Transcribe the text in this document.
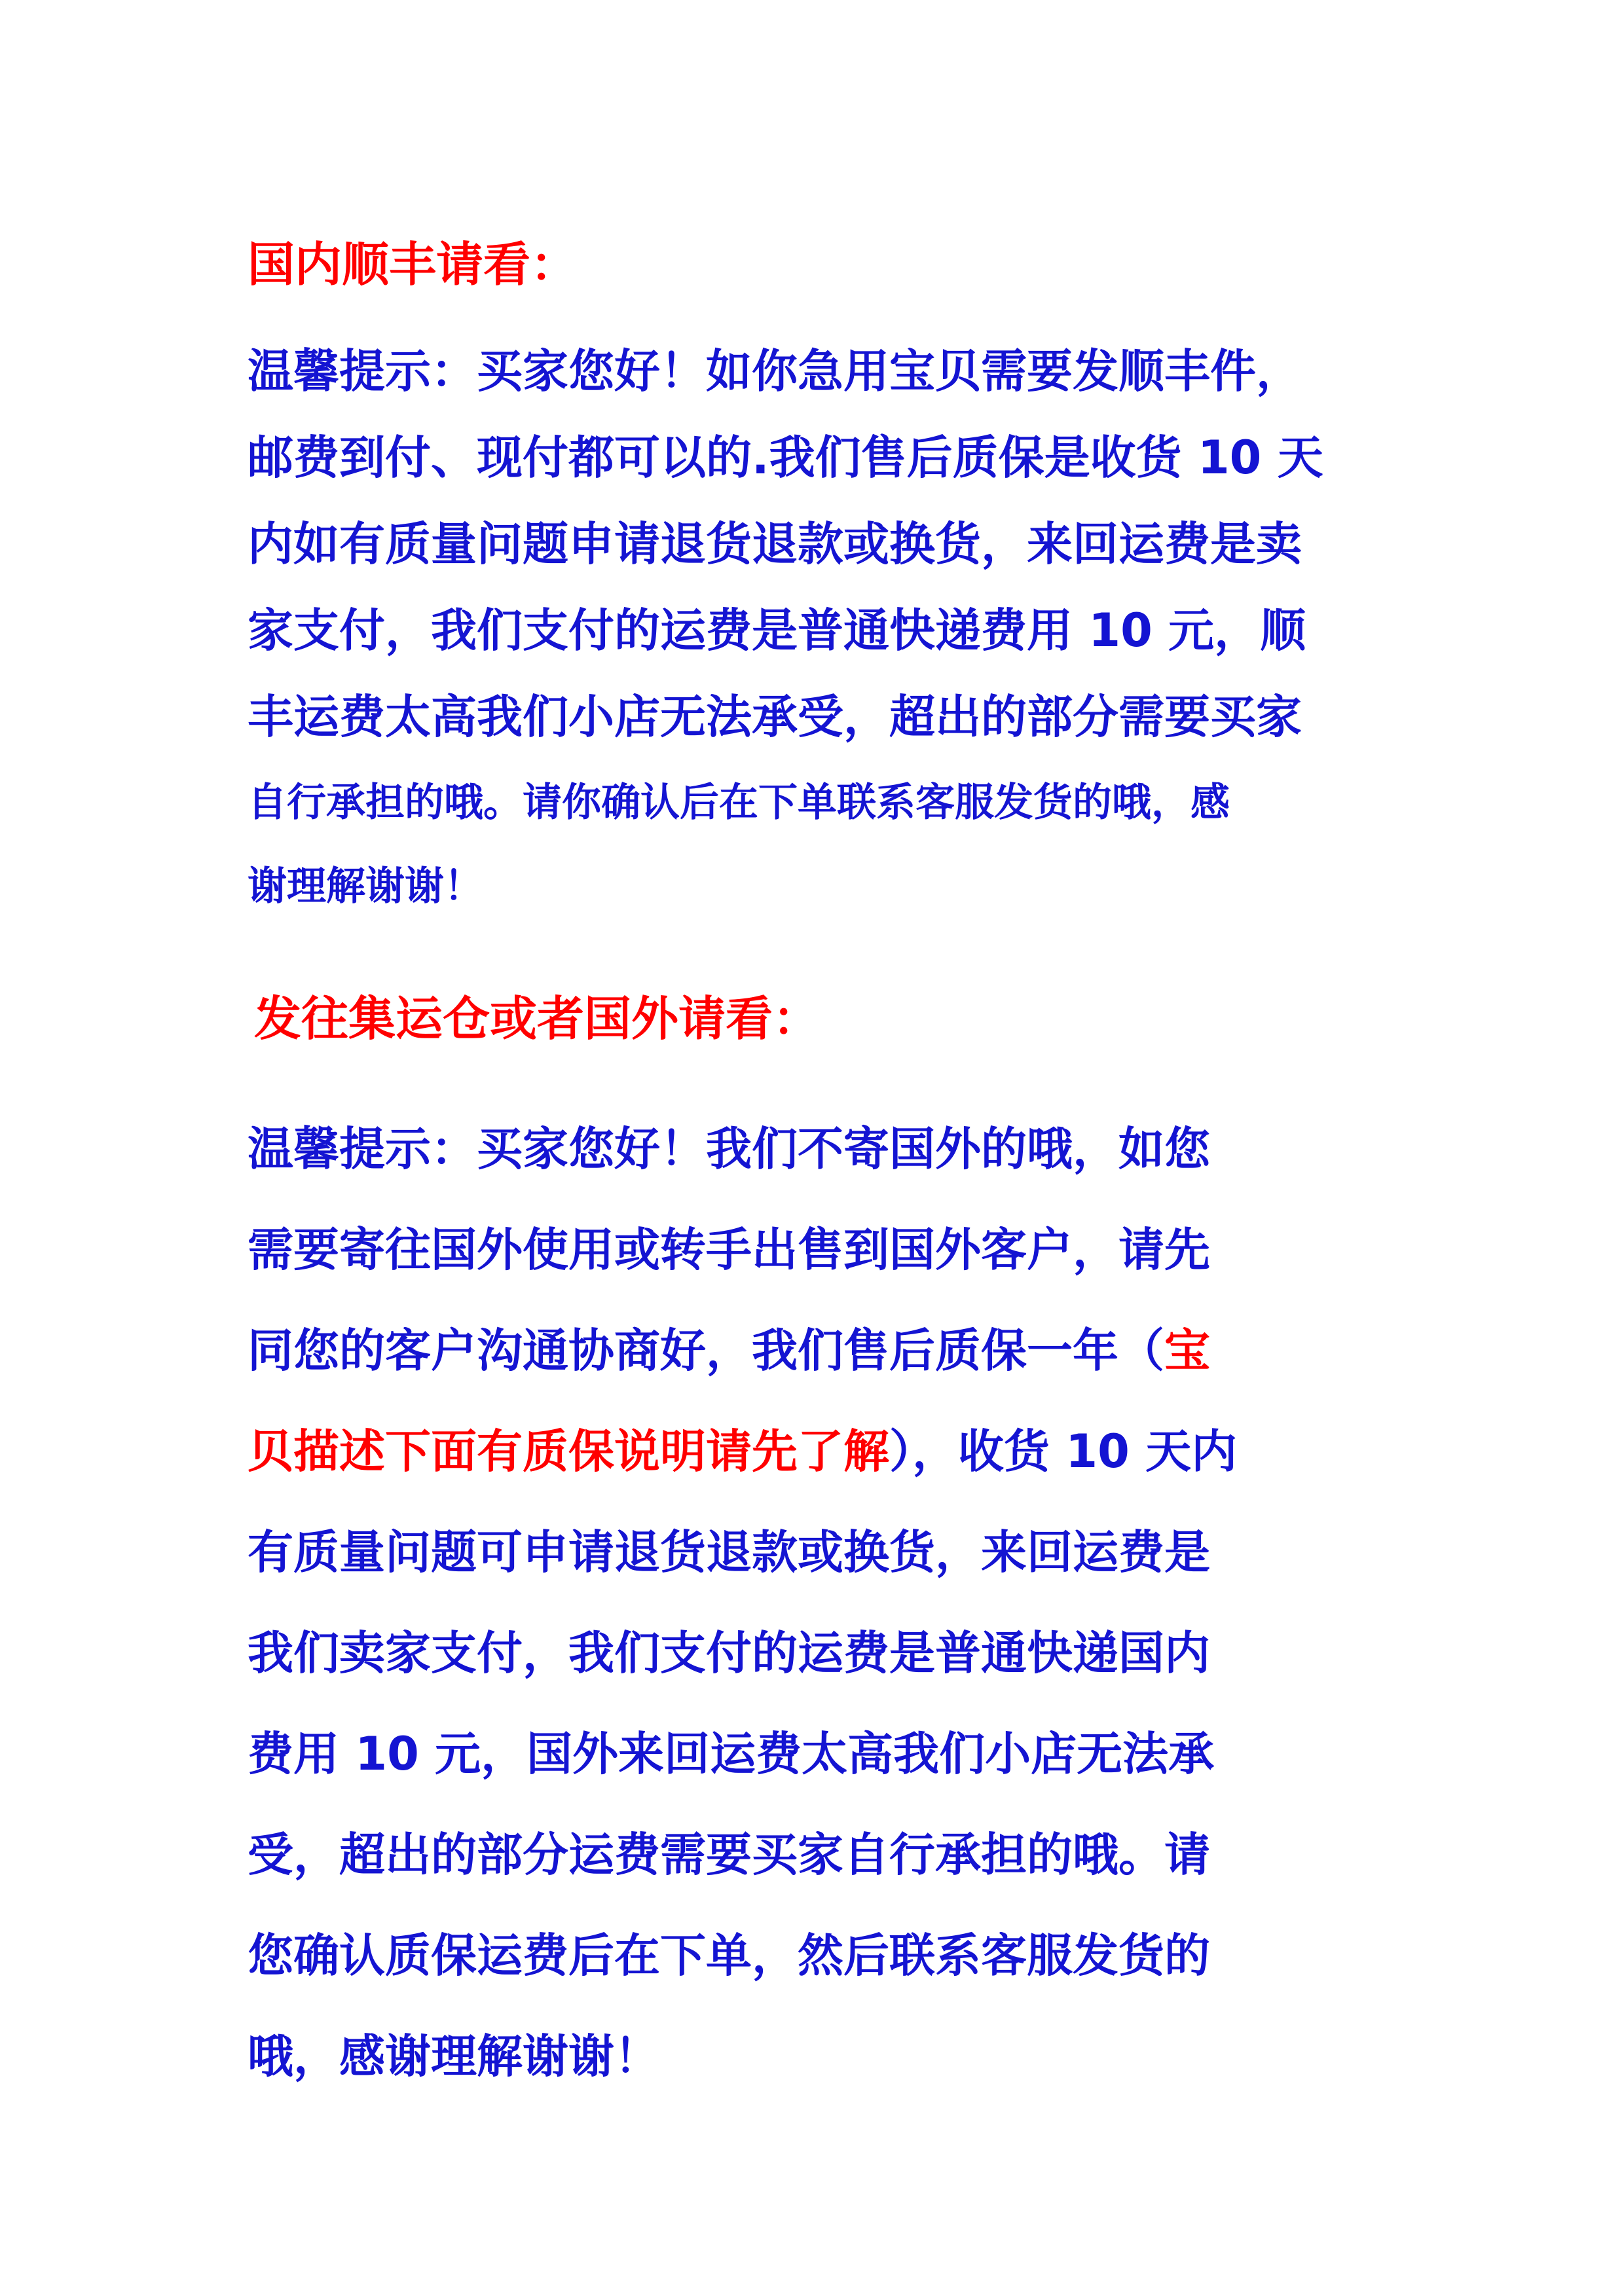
国内顺丰请看：

温馨提示：买家您好！如你急用宝贝需要发顺丰件，

邮费到付、现付都可以的.我们售后质保是收货 10 天

内如有质量问题申请退货退款或换货，来回运费是卖

家支付，我们支付的运费是普通快递费用 10 元，顺

丰运费太高我们小店无法承受，超出的部分需要买家

自行承担的哦。请你确认后在下单联系客服发货的哦，感

谢理解谢谢！

发往集运仓或者国外请看：

温馨提示：买家您好！我们不寄国外的哦，如您

需要寄往国外使用或转手出售到国外客户，请先

同您的客户沟通协商好，我们售后质保一年（宝

贝描述下面有质保说明请先了解），收货 10 天内

有质量问题可申请退货退款或换货，来回运费是

我们卖家支付，我们支付的运费是普通快递国内

费用 10 元，国外来回运费太高我们小店无法承

受，超出的部分运费需要买家自行承担的哦。请

您确认质保运费后在下单，然后联系客服发货的

哦，感谢理解谢谢！
